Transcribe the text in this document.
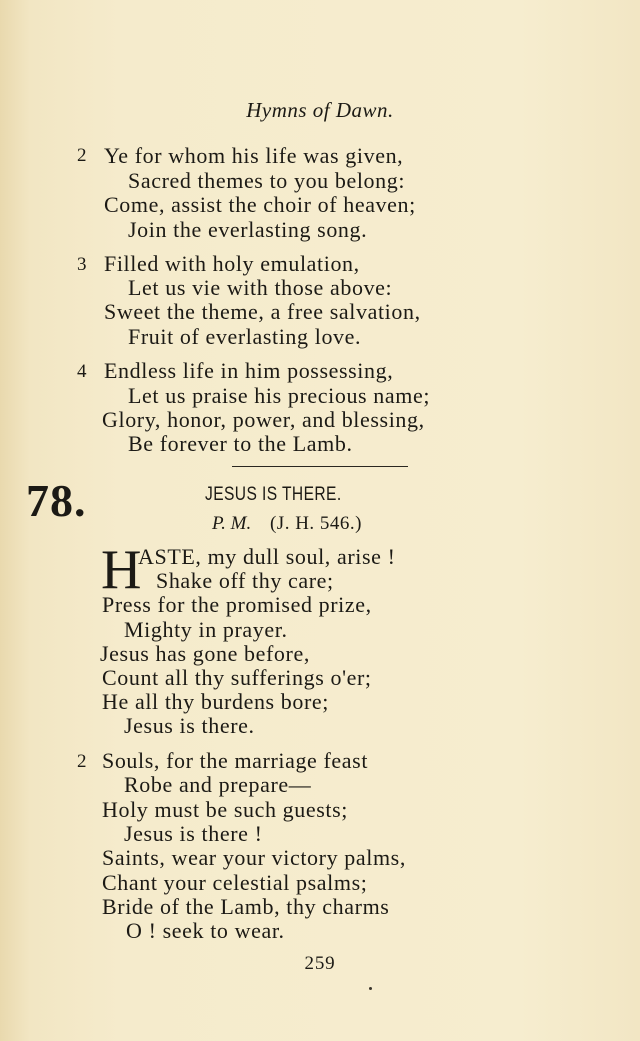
Hymns of Dawn.
2 Ye for whom his life was given,
Sacred themes to you belong:
Come, assist the choir of heaven;
Join the everlasting song.
3 Filled with holy emulation,
Let us vie with those above:
Sweet the theme, a free salvation,
Fruit of everlasting love.
4 Endless life in him possessing,
Let us praise his precious name;
Glory, honor, power, and blessing,
Be forever to the Lamb.
78.	JESUS IS THERE.
P. M. (J. H. 546.)
H
ASTE, my dull soul, arise !
Shake off thy care;
Press for the promised prize,
Mighty in prayer.
Jesus has gone before,
Count all thy sufferings o'er;
He all thy burdens bore;
Jesus is there.
2 Souls, for the marriage feast
Robe and prepare—
Holy must be such guests;
Jesus is there !
Saints, wear your victory palms,
Chant your celestial psalms;
Bride of the Lamb, thy charms
O ! seek to wear.
259
